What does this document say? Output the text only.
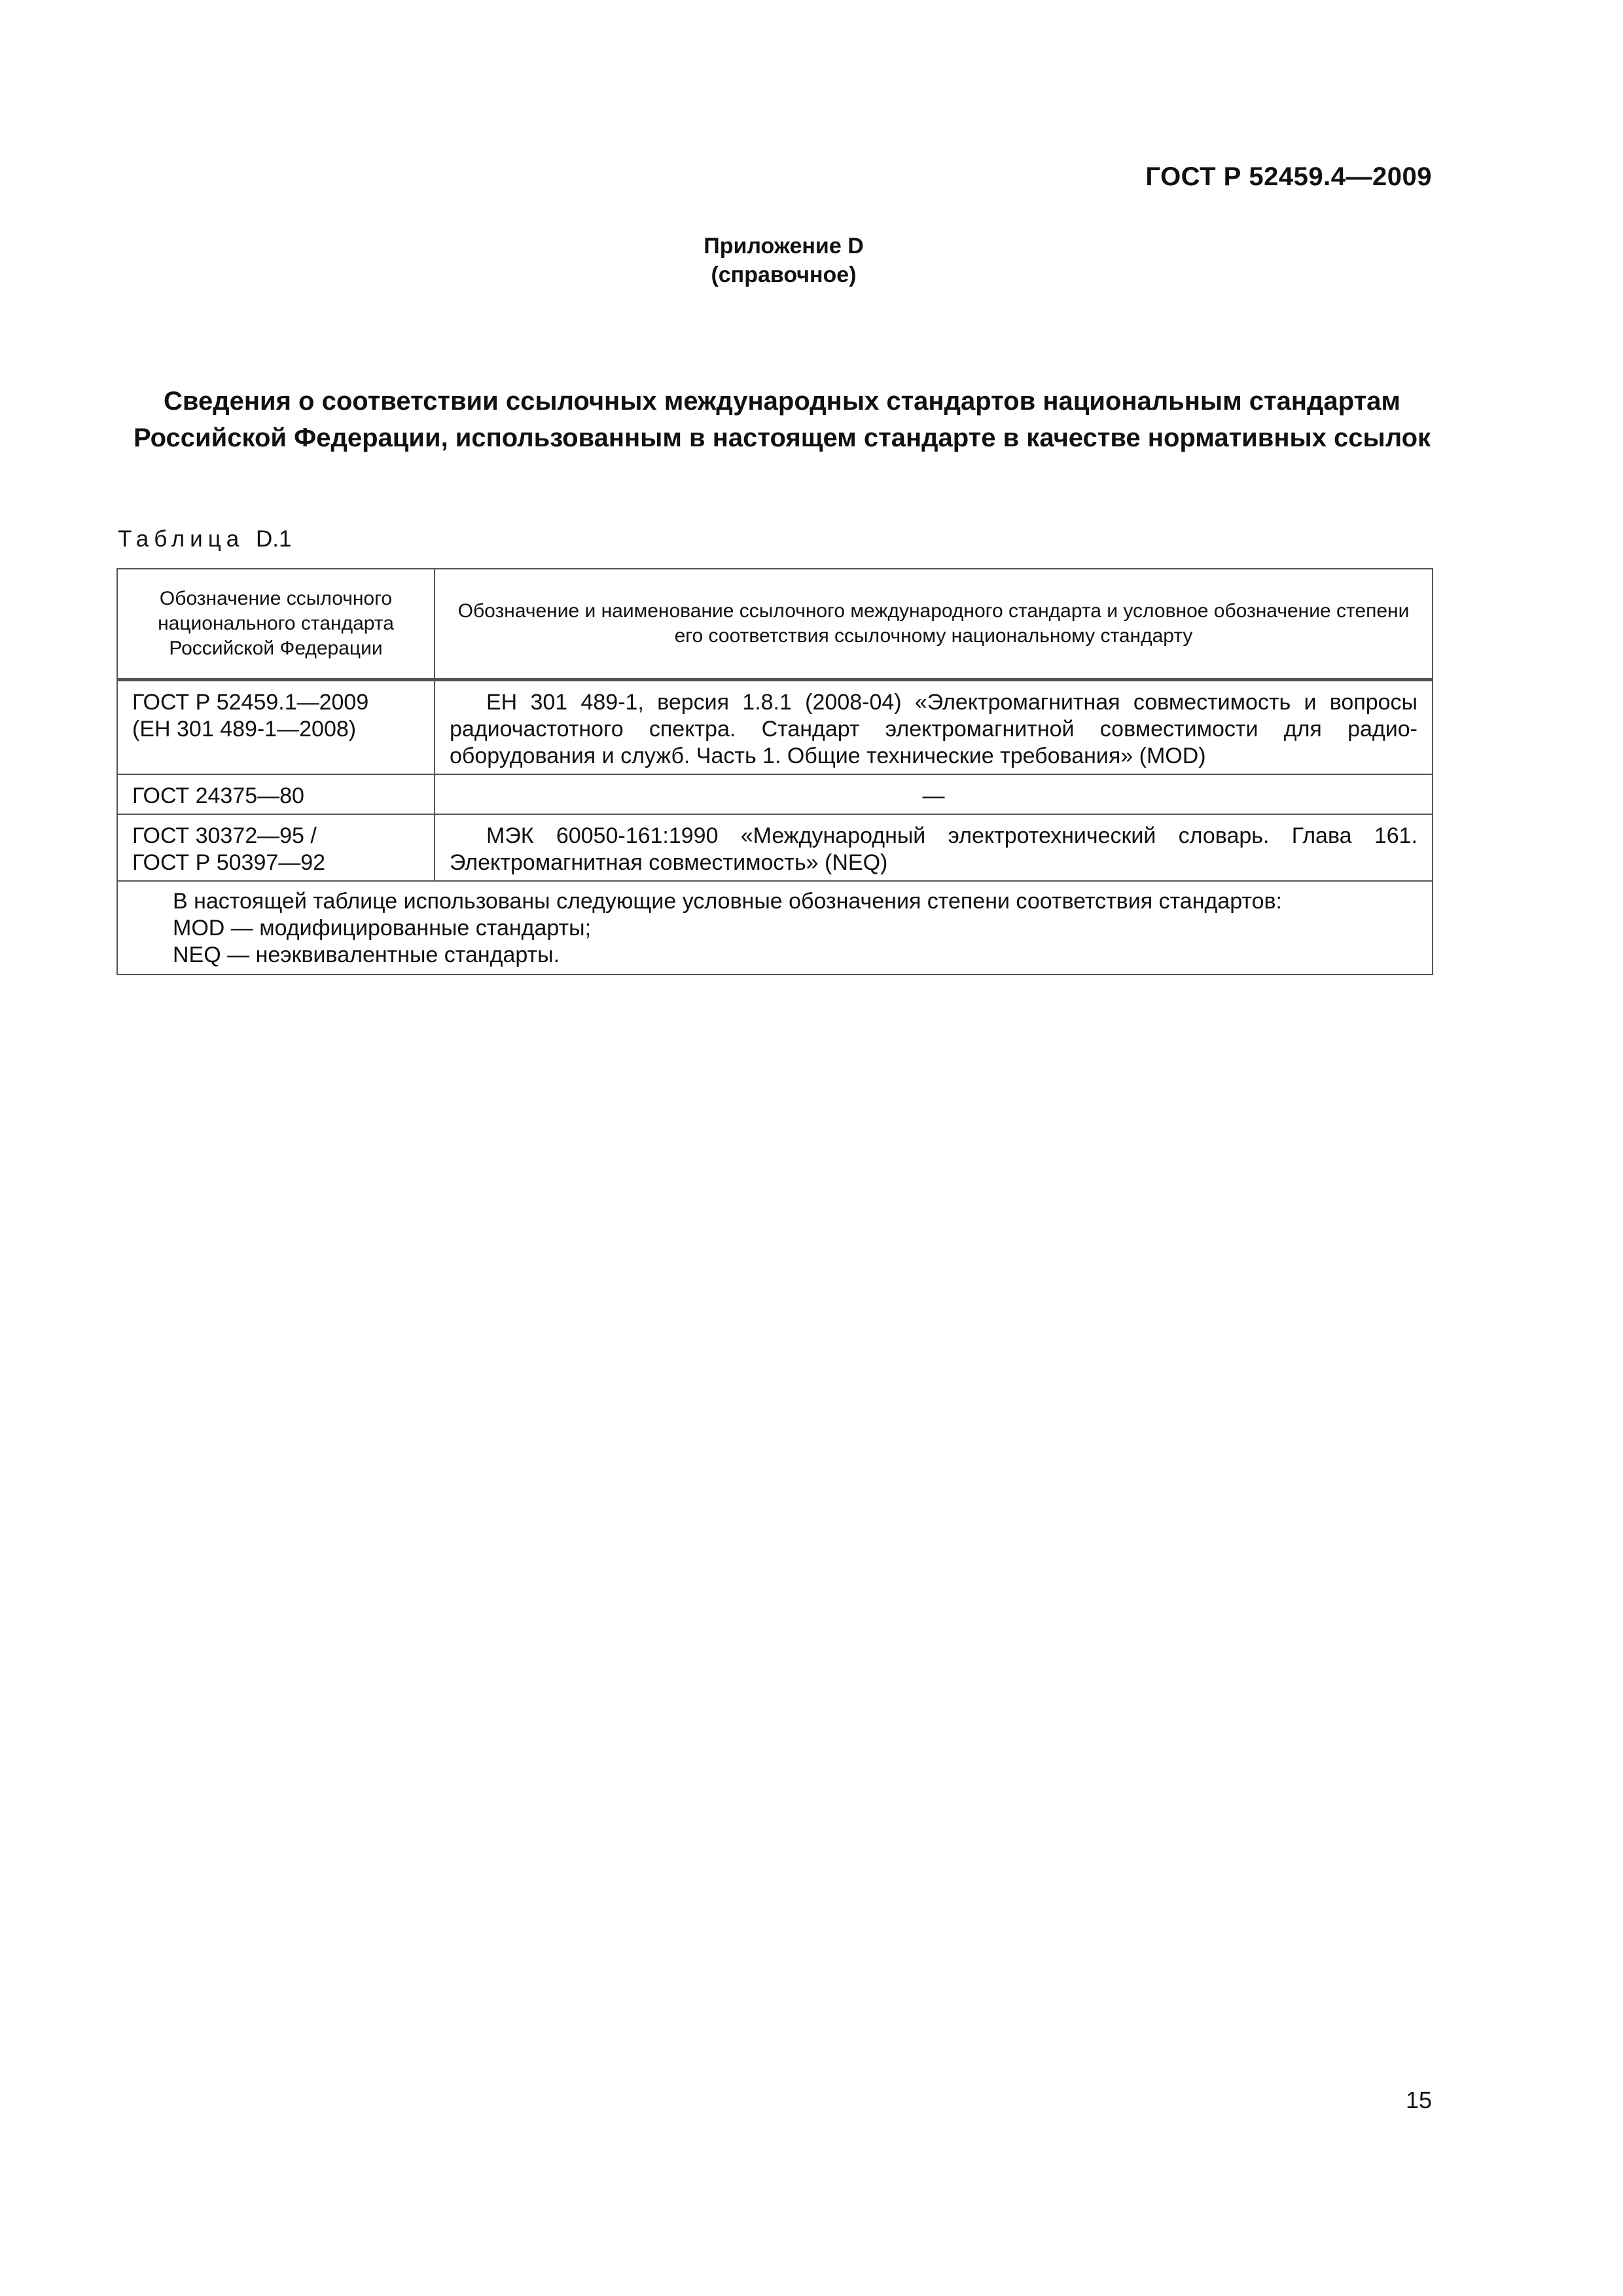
ГОСТ Р 52459.4—2009
Приложение D
(справочное)
Сведения о соответствии ссылочных международных стандартов национальным стандартам Российской Федерации, использованным в настоящем стандарте в качестве нормативных ссылок
Таблица D.1
Обозначение ссылочного национального стандарта Российской Федерации	Обозначение и наименование ссылочного международного стандарта и условное обозначение степени его соответствия ссылочному национальному стандарту

ГОСТ Р 52459.1—2009
(ЕН 301 489-1—2008)	ЕН 301 489-1, версия 1.8.1 (2008-04) «Электромагнитная совместимость и вопросы радиочастотного спектра. Стандарт электромагнитной совместимости для радиооборудования и служб. Часть 1. Общие технические требования» (MOD)

ГОСТ 24375—80	—

ГОСТ 30372—95 /
ГОСТ Р 50397—92	МЭК 60050-161:1990 «Международный электротехнический словарь. Глава 161. Электромагнитная совместимость» (NEQ)

В настоящей таблице использованы следующие условные обозначения степени соответствия стандартов:
MOD — модифицированные стандарты;
NEQ — неэквивалентные стандарты.	
15
